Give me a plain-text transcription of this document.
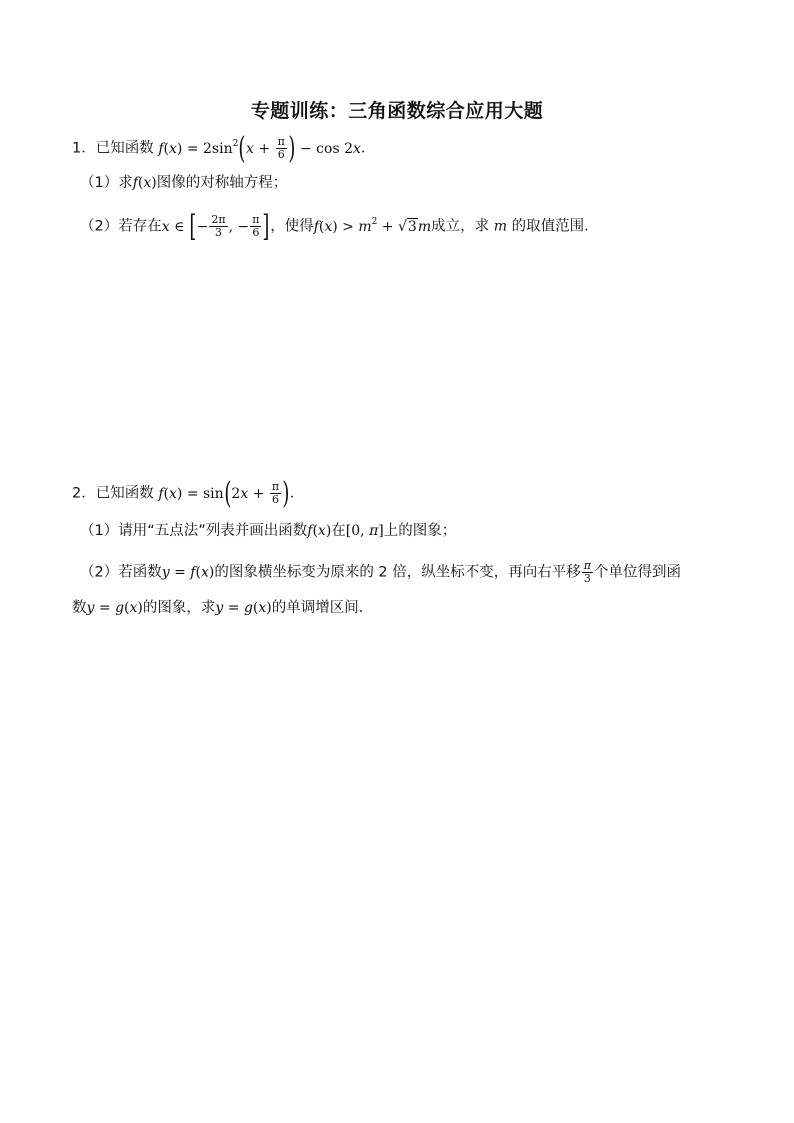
专题训练：三角函数综合应用大题
1．已知函数 $f(x) = 2\sin 2(x + \frac{\pi}{6}$ ) − cos 2x．
（1）求f(x)图像的对称轴方程；
（2）若存在x ∈ [− $\frac{2\pi}{3}$ , − $\frac{\pi}{6}$ ]，使得f(x) > m2 + √3m成立，求 m 的取值范围．
2．已知函数 $f(x) = \sin(2x + \frac{\pi}{6}$ )．
（1）请用“五点法”列表并画出函数f(x)在[0, π]上的图象；
（2）若函数y = f(x)的图象横坐标变为原来的 2 倍，纵坐标不变，再向右平移 $\frac{\pi}{3}$ 个单位得到函
数y = g(x)的图象，求y = g(x)的单调增区间．
